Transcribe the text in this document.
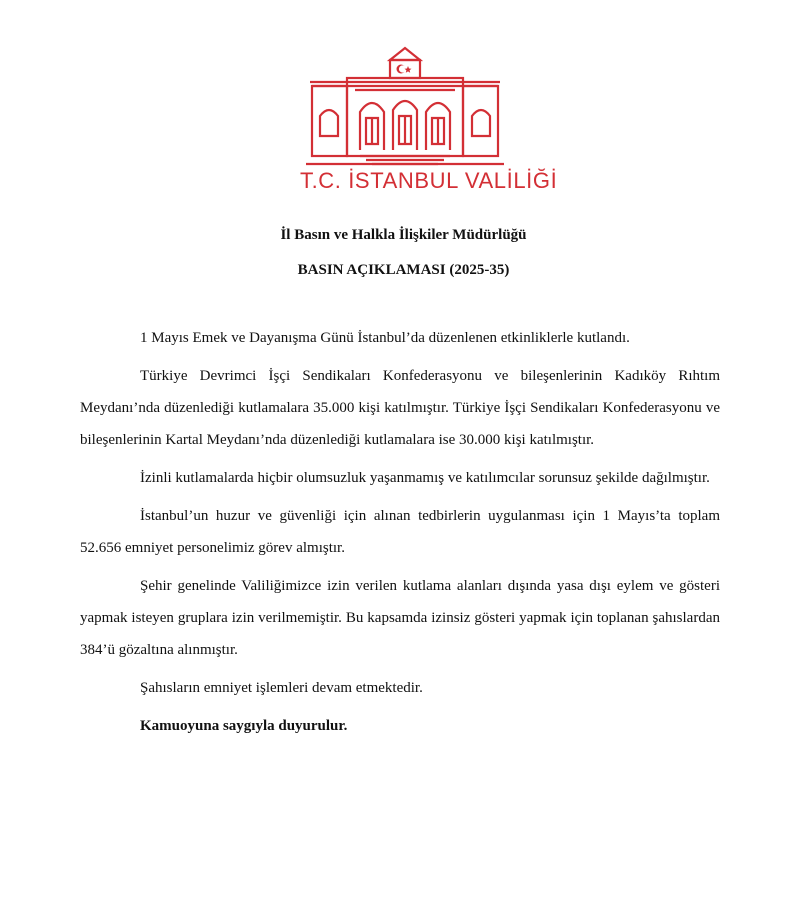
T.C. İSTANBUL VALİLİĞİ
İl Basın ve Halkla İlişkiler Müdürlüğü
BASIN AÇIKLAMASI (2025-35)

1 Mayıs Emek ve Dayanışma Günü İstanbul’da düzenlenen etkinliklerle kutlandı.

Türkiye Devrimci İşçi Sendikaları Konfederasyonu ve bileşenlerinin Kadıköy Rıhtım Meydanı’nda düzenlediği kutlamalara 35.000 kişi katılmıştır. Türkiye İşçi Sendikaları Konfederasyonu ve bileşenlerinin Kartal Meydanı’nda düzenlediği kutlamalara ise 30.000 kişi katılmıştır.

İzinli kutlamalarda hiçbir olumsuzluk yaşanmamış ve katılımcılar sorunsuz şekilde dağılmıştır.

İstanbul’un huzur ve güvenliği için alınan tedbirlerin uygulanması için 1 Mayıs’ta toplam 52.656 emniyet personelimiz görev almıştır.

Şehir genelinde Valiliğimizce izin verilen kutlama alanları dışında yasa dışı eylem ve gösteri yapmak isteyen gruplara izin verilmemiştir. Bu kapsamda izinsiz gösteri yapmak için toplanan şahıslardan 384’ü gözaltına alınmıştır.

Şahısların emniyet işlemleri devam etmektedir.

Kamuoyuna saygıyla duyurulur.
